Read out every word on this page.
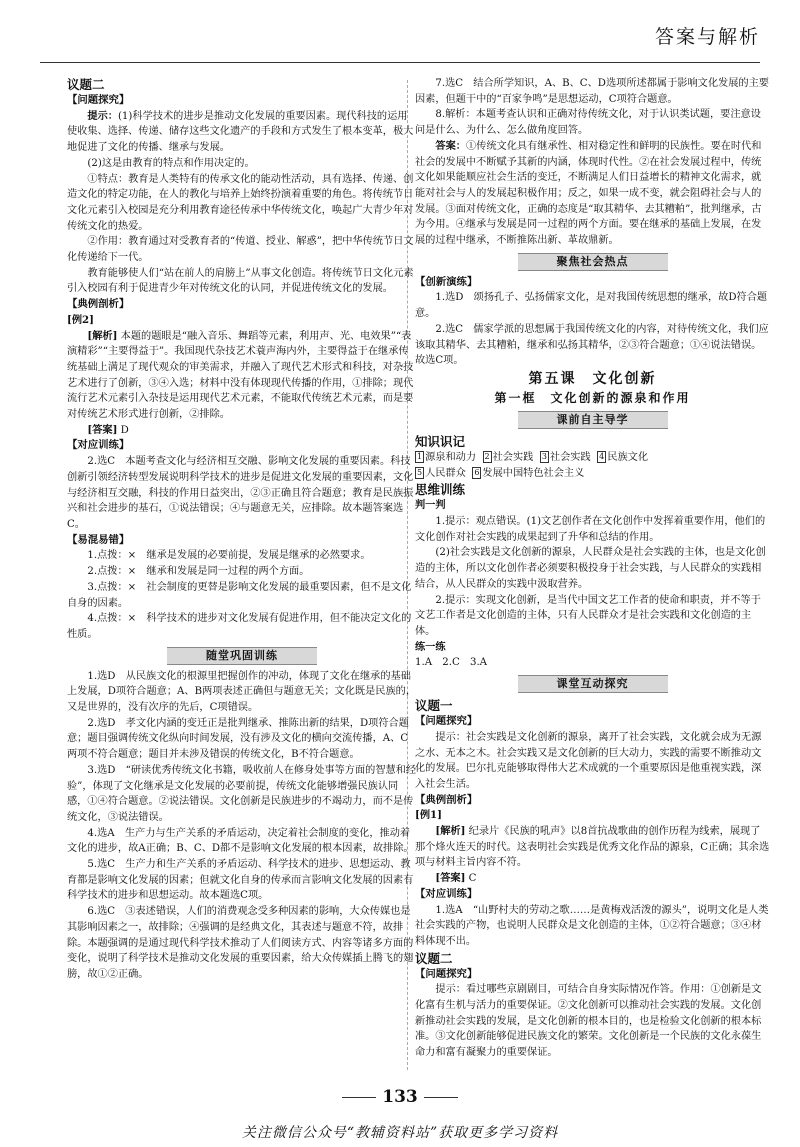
答案与解析

议题二

【问题探究】

提示：(1)科学技术的进步是推动文化发展的重要因素。现代科技的运用使收集、选择、传递、储存这些文化遗产的手段和方式发生了根本变革，极大地促进了文化的传播、继承与发展。

(2)这是由教育的特点和作用决定的。

①特点：教育是人类特有的传承文化的能动性活动，具有选择、传递、创造文化的特定功能，在人的教化与培养上始终扮演着重要的角色。将传统节日文化元素引入校园是充分利用教育途径传承中华传统文化，唤起广大青少年对传统文化的热爱。

②作用：教育通过对受教育者的“传道、授业、解惑”，把中华传统节日文化传递给下一代。

教育能够使人们“站在前人的肩膀上”从事文化创造。将传统节日文化元素引入校园有利于促进青少年对传统文化的认同，并促进传统文化的发展。

【典例剖析】

[例2]

[解析] 本题的题眼是“融入音乐、舞蹈等元素，利用声、光、电效果”“表演精彩”“主要得益于”。我国现代杂技艺术蓑声海内外，主要得益于在继承传统基础上满足了现代观众的审美需求，并融入了现代艺术形式和科技，对杂技艺术进行了创新，③④入选；材料中没有体现现代传播的作用，①排除；现代流行艺术元素引入杂技是运用现代艺术元素，不能取代传统艺术元素，而是要对传统艺术形式进行创新，②排除。

[答案] D

【对应训练】

2.选C　本题考查文化与经济相互交融、影响文化发展的重要因素。科技创新引领经济转型发展说明科学技术的进步是促进文化发展的重要因素，文化与经济相互交融，科技的作用日益突出，②③正确且符合题意；教育是民族振兴和社会进步的基石，①说法错误；④与题意无关，应排除。故本题答案选C。

【易混易错】

1.点拨：×　继承是发展的必要前提，发展是继承的必然要求。

2.点拨：×　继承和发展是同一过程的两个方面。

3.点拨：×　社会制度的更替是影响文化发展的最重要因素，但不是文化自身的因素。

4.点拨：×　科学技术的进步对文化发展有促进作用，但不能决定文化的性质。

随堂巩固训练

1.选D　从民族文化的根源里把握创作的冲动，体现了文化在继承的基础上发展，D项符合题意；A、B两项表述正确但与题意无关；文化既是民族的，又是世界的，没有次序的先后，C项错误。

2.选D　孝文化内涵的变迁正是批判继承、推陈出新的结果，D项符合题意；题目强调传统文化纵向时间发展，没有涉及文化的横向交流传播，A、C两项不符合题意；题目并未涉及错误的传统文化，B不符合题意。

3.选D　“研读优秀传统文化书籍，吸收前人在修身处事等方面的智慧和经验”，体现了文化继承是文化发展的必要前提，传统文化能够增强民族认同感，①④符合题意。②说法错误。文化创新是民族进步的不竭动力，而不是传统文化，③说法错误。

4.选A　生产力与生产关系的矛盾运动，决定着社会制度的变化，推动着文化的进步，故A正确；B、C、D都不是影响文化发展的根本因素，故排除。

5.选C　生产力和生产关系的矛盾运动、科学技术的进步、思想运动、教育都是影响文化发展的因素；但就文化自身的传承而言影响文化发展的因素有科学技术的进步和思想运动。故本题选C项。

6.选C　③表述错误，人们的消费观念受多种因素的影响，大众传媒也是其影响因素之一，故排除；④强调的是经典文化，其表述与题意不符，故排除。本题强调的是通过现代科学技术推动了人们阅读方式、内容等诸多方面的变化，说明了科学技术是推动文化发展的重要因素，给大众传媒插上腾飞的翅膀，故①②正确。

7.选C　结合所学知识，A、B、C、D选项所述都属于影响文化发展的主要因素，但题干中的“百家争鸣”是思想运动，C项符合题意。

8.解析：本题考查认识和正确对待传统文化，对于认识类试题，要注意设问是什么、为什么、怎么做角度回答。

答案：①传统文化具有继承性、相对稳定性和鲜明的民族性。要在时代和社会的发展中不断赋予其新的内涵，体现时代性。②在社会发展过程中，传统文化如果能顺应社会生活的变迁，不断满足人们日益增长的精神文化需求，就能对社会与人的发展起积极作用；反之，如果一成不变，就会阻碍社会与人的发展。③面对传统文化，正确的态度是“取其精华、去其糟粕”，批判继承，古为今用。④继承与发展是同一过程的两个方面。要在继承的基础上发展，在发展的过程中继承，不断推陈出新、革故鼎新。

聚焦社会热点

【创新演练】

1.选D　颂扬孔子、弘扬儒家文化，是对我国传统思想的继承，故D符合题意。

2.选C　儒家学派的思想属于我国传统文化的内容，对待传统文化，我们应该取其精华、去其糟粕，继承和弘扬其精华，②③符合题意；①④说法错误。故选C项。

第五课　文化创新

第一框　文化创新的源泉和作用

课前自主导学

知识识记

1 源泉和动力 2 社会实践 3 社会实践 4 民族文化
5 人民群众 6 发展中国特色社会主义

思维训练

判一判

1.提示：观点错误。(1)文艺创作者在文化创作中发挥着重要作用，他们的文化创作对社会实践的成果起到了升华和总结的作用。

(2)社会实践是文化创新的源泉，人民群众是社会实践的主体，也是文化创造的主体，所以文化创作者必须要积极投身于社会实践，与人民群众的实践相结合，从人民群众的实践中汲取营养。

2.提示：实现文化创新，是当代中国文艺工作者的使命和职责，并不等于文艺工作者是文化创造的主体，只有人民群众才是社会实践和文化创造的主体。

练一练

1.A　2.C　3.A

课堂互动探究

议题一

【问题探究】

提示：社会实践是文化创新的源泉，离开了社会实践，文化就会成为无源之水、无本之木。社会实践又是文化创新的巨大动力，实践的需要不断推动文化的发展。巴尔扎克能够取得伟大艺术成就的一个重要原因是他重视实践，深入社会生活。

【典例剖析】

[例1]

[解析] 纪录片《民族的吼声》以8首抗战歌曲的创作历程为线索，展现了那个烽火连天的时代。这表明社会实践是优秀文化作品的源泉，C正确；其余选项与材料主旨内容不符。

[答案] C

【对应训练】

1.选A　“山野村夫的劳动之歌……是黄梅戏活泼的源头”，说明文化是人类社会实践的产物，也说明人民群众是文化创造的主体，①②符合题意；③④材料体现不出。

议题二

【问题探究】

提示：看过哪些京剧剧目，可结合自身实际情况作答。作用：①创新是文化富有生机与活力的重要保证。②文化创新可以推动社会实践的发展。文化创新推动社会实践的发展，是文化创新的根本目的，也是检验文化创新的根本标准。③文化创新能够促进民族文化的繁荣。文化创新是一个民族的文化永葆生命力和富有凝聚力的重要保证。

133
关注微信公众号“教辅资料站”获取更多学习资料
